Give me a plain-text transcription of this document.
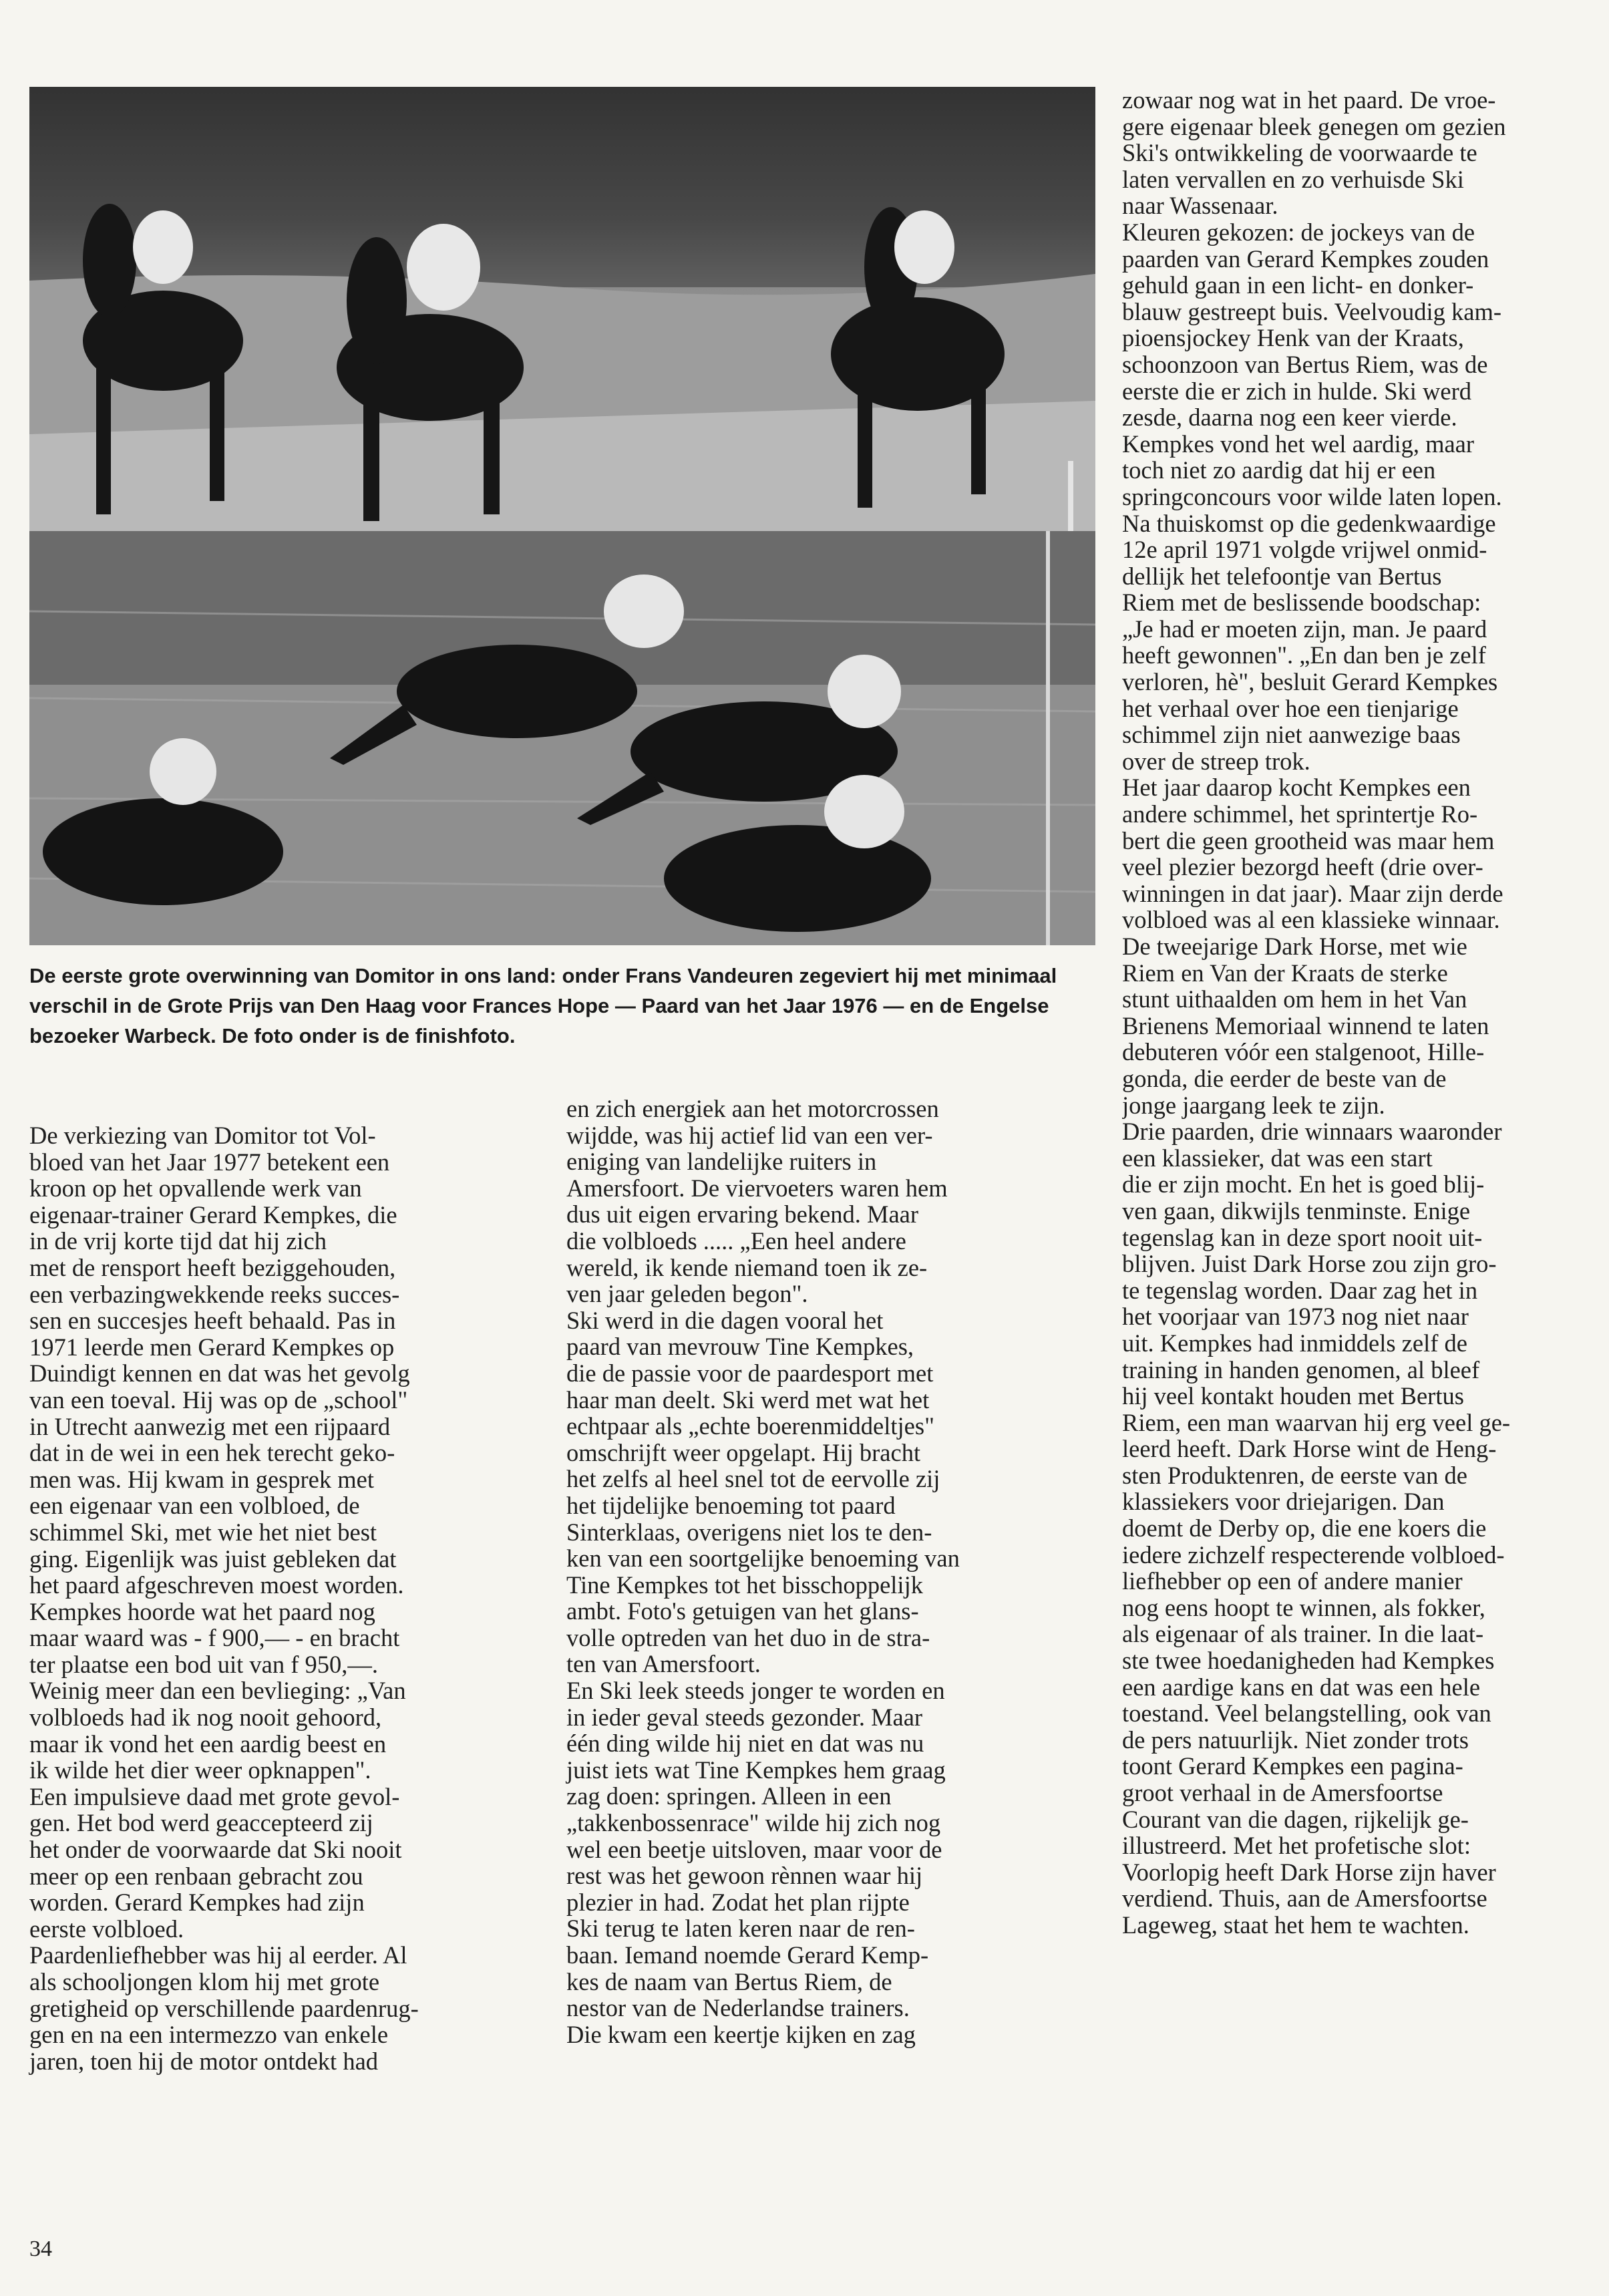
De eerste grote overwinning van Domitor in ons land: onder Frans Vandeuren zegeviert hij met minimaal verschil in de Grote Prijs van Den Haag voor Frances Hope — Paard van het Jaar 1976 — en de Engelse bezoeker Warbeck. De foto onder is de finishfoto.
De verkiezing van Domitor tot Vol-
bloed van het Jaar 1977 betekent een
kroon op het opvallende werk van
eigenaar-trainer Gerard Kempkes, die
in de vrij korte tijd dat hij zich
met de rensport heeft beziggehouden,
een verbazingwekkende reeks succes-
sen en succesjes heeft behaald. Pas in
1971 leerde men Gerard Kempkes op
Duindigt kennen en dat was het gevolg
van een toeval. Hij was op de „school"
in Utrecht aanwezig met een rijpaard
dat in de wei in een hek terecht geko-
men was. Hij kwam in gesprek met
een eigenaar van een volbloed, de
schimmel Ski, met wie het niet best
ging. Eigenlijk was juist gebleken dat
het paard afgeschreven moest worden.
Kempkes hoorde wat het paard nog
maar waard was - f 900,— - en bracht
ter plaatse een bod uit van f 950,—.
Weinig meer dan een bevlieging: „Van
volbloeds had ik nog nooit gehoord,
maar ik vond het een aardig beest en
ik wilde het dier weer opknappen".
Een impulsieve daad met grote gevol-
gen. Het bod werd geaccepteerd zij
het onder de voorwaarde dat Ski nooit
meer op een renbaan gebracht zou
worden. Gerard Kempkes had zijn
eerste volbloed.
Paardenliefhebber was hij al eerder. Al
als schooljongen klom hij met grote
gretigheid op verschillende paardenrug-
gen en na een intermezzo van enkele
jaren, toen hij de motor ontdekt had
en zich energiek aan het motorcrossen
wijdde, was hij actief lid van een ver-
eniging van landelijke ruiters in
Amersfoort. De viervoeters waren hem
dus uit eigen ervaring bekend. Maar
die volbloeds ..... „Een heel andere
wereld, ik kende niemand toen ik ze-
ven jaar geleden begon".
Ski werd in die dagen vooral het
paard van mevrouw Tine Kempkes,
die de passie voor de paardesport met
haar man deelt. Ski werd met wat het
echtpaar als „echte boerenmiddeltjes"
omschrijft weer opgelapt. Hij bracht
het zelfs al heel snel tot de eervolle zij
het tijdelijke benoeming tot paard
Sinterklaas, overigens niet los te den-
ken van een soortgelijke benoeming van
Tine Kempkes tot het bisschoppelijk
ambt. Foto's getuigen van het glans-
volle optreden van het duo in de stra-
ten van Amersfoort.
En Ski leek steeds jonger te worden en
in ieder geval steeds gezonder. Maar
één ding wilde hij niet en dat was nu
juist iets wat Tine Kempkes hem graag
zag doen: springen. Alleen in een
„takkenbossenrace" wilde hij zich nog
wel een beetje uitsloven, maar voor de
rest was het gewoon rènnen waar hij
plezier in had. Zodat het plan rijpte
Ski terug te laten keren naar de ren-
baan. Iemand noemde Gerard Kemp-
kes de naam van Bertus Riem, de
nestor van de Nederlandse trainers.
Die kwam een keertje kijken en zag
zowaar nog wat in het paard. De vroe-
gere eigenaar bleek genegen om gezien
Ski's ontwikkeling de voorwaarde te
laten vervallen en zo verhuisde Ski
naar Wassenaar.
Kleuren gekozen: de jockeys van de
paarden van Gerard Kempkes zouden
gehuld gaan in een licht- en donker-
blauw gestreept buis. Veelvoudig kam-
pioensjockey Henk van der Kraats,
schoonzoon van Bertus Riem, was de
eerste die er zich in hulde. Ski werd
zesde, daarna nog een keer vierde.
Kempkes vond het wel aardig, maar
toch niet zo aardig dat hij er een
springconcours voor wilde laten lopen.
Na thuiskomst op die gedenkwaardige
12e april 1971 volgde vrijwel onmid-
dellijk het telefoontje van Bertus
Riem met de beslissende boodschap:
„Je had er moeten zijn, man. Je paard
heeft gewonnen". „En dan ben je zelf
verloren, hè", besluit Gerard Kempkes
het verhaal over hoe een tienjarige
schimmel zijn niet aanwezige baas
over de streep trok.
Het jaar daarop kocht Kempkes een
andere schimmel, het sprintertje Ro-
bert die geen grootheid was maar hem
veel plezier bezorgd heeft (drie over-
winningen in dat jaar). Maar zijn derde
volbloed was al een klassieke winnaar.
De tweejarige Dark Horse, met wie
Riem en Van der Kraats de sterke
stunt uithaalden om hem in het Van
Brienens Memoriaal winnend te laten
debuteren vóór een stalgenoot, Hille-
gonda, die eerder de beste van de
jonge jaargang leek te zijn.
Drie paarden, drie winnaars waaronder
een klassieker, dat was een start
die er zijn mocht. En het is goed blij-
ven gaan, dikwijls tenminste. Enige
tegenslag kan in deze sport nooit uit-
blijven. Juist Dark Horse zou zijn gro-
te tegenslag worden. Daar zag het in
het voorjaar van 1973 nog niet naar
uit. Kempkes had inmiddels zelf de
training in handen genomen, al bleef
hij veel kontakt houden met Bertus
Riem, een man waarvan hij erg veel ge-
leerd heeft. Dark Horse wint de Heng-
sten Produktenren, de eerste van de
klassiekers voor driejarigen. Dan
doemt de Derby op, die ene koers die
iedere zichzelf respecterende volbloed-
liefhebber op een of andere manier
nog eens hoopt te winnen, als fokker,
als eigenaar of als trainer. In die laat-
ste twee hoedanigheden had Kempkes
een aardige kans en dat was een hele
toestand. Veel belangstelling, ook van
de pers natuurlijk. Niet zonder trots
toont Gerard Kempkes een pagina-
groot verhaal in de Amersfoortse
Courant van die dagen, rijkelijk ge-
illustreerd. Met het profetische slot:
Voorlopig heeft Dark Horse zijn haver
verdiend. Thuis, aan de Amersfoortse
Lageweg, staat het hem te wachten.
34
